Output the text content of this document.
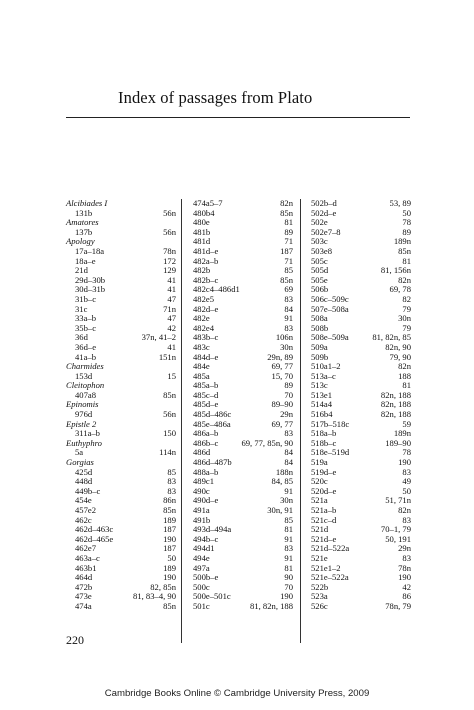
Index of passages from Plato
Alcibiades I
131b	56n
Amatores
137b	56n
Apology
17a–18a	78n
18a–e	172
21d	129
29d–30b	41
30d–31b	41
31b–c	47
31c	71n
33a–b	47
35b–c	42
36d	37n, 41–2
36d–e	41
41a–b	151n
Charmides
153d	15
Cleitophon
407a8	85n
Epinomis
976d	56n
Epistle 2
311a–b	150
Euthyphro
5a	114n
Gorgias
425d	85
448d	83
449b–c	83
454e	86n
457e2	85n
462c	189
462d–463c	187
462d–465e	190
462e7	187
463a–c	50
463b1	189
464d	190
472b	82, 85n
473e	81, 83–4, 90
474a	85n
474a5–7	82n
480b4	85n
480e	81
481b	89
481d	71
481d–e	187
482a–b	71
482b	85
482b–c	85n
482c4–486d1	69
482e5	83
482d–e	84
482e	91
482e4	83
483b–c	106n
483c	30n
484d–e	29n, 89
484e	69, 77
485a	15, 70
485a–b	89
485c–d	70
485d–e	89–90
485d–486c	29n
485e–486a	69, 77
486a–b	83
486b–c	69, 77, 85n, 90
486d	84
486d–487b	84
488a–b	188n
489c1	84, 85
490c	91
490d–e	30n
491a	30n, 91
491b	85
493d–494a	81
494b–c	91
494d1	83
494e	91
497a	81
500b–e	90
500c	70
500e–501c	190
501c	81, 82n, 188
502b–d	53, 89
502d–e	50
502e	78
502e7–8	89
503c	189n
503e8	85n
505c	81
505d	81, 156n
505e	82n
506b	69, 78
506c–509c	82
507e–508a	79
508a	30n
508b	79
508e–509a	81, 82n, 85
509a	82n, 90
509b	79, 90
510a1–2	82n
513a–c	188
513c	81
513e1	82n, 188
514a4	82n, 188
516b4	82n, 188
517b–518c	59
518a–b	189n
518b–c	189–90
518e–519d	78
519a	190
519d–e	83
520c	49
520d–e	50
521a	51, 71n
521a–b	82n
521c–d	83
521d	70–1, 79
521d–e	50, 191
521d–522a	29n
521e	83
521e1–2	78n
521e–522a	190
522b	42
523a	86
526c	78n, 79
220
Cambridge Books Online © Cambridge University Press, 2009
